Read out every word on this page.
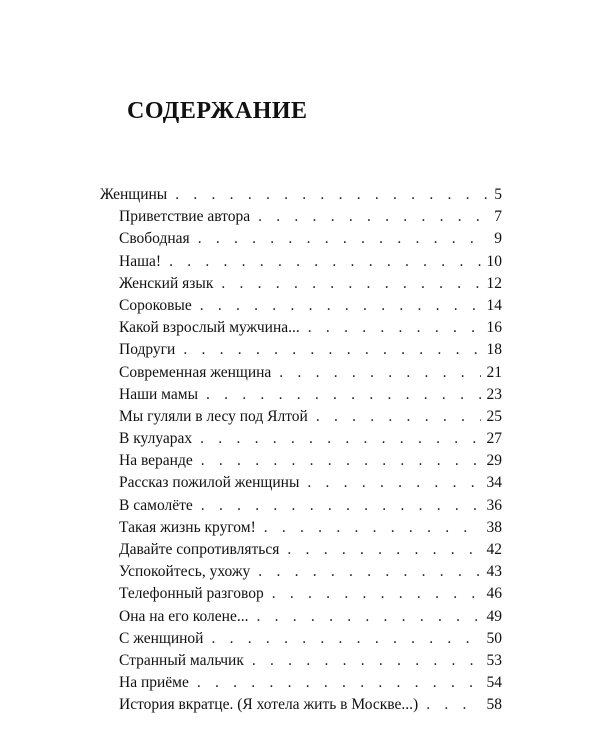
СОДЕРЖАНИЕ
Женщины . . .	5
Приветствие автора . . .	7
Свободная . . .	9
Наша! . . .	10
Женский язык . . .	12
Сороковые . . .	14
Какой взрослый мужчина... . . .	16
Подруги . . .	18
Современная женщина . . .	21
Наши мамы . . .	23
Мы гуляли в лесу под Ялтой . . .	25
В кулуарах . . .	27
На веранде . . .	29
Рассказ пожилой женщины . . .	34
В самолёте . . .	36
Такая жизнь кругом! . . .	38
Давайте сопротивляться . . .	42
Успокойтесь, ухожу . . .	43
Телефонный разговор . . .	46
Она на его колене... . . .	49
С женщиной . . .	50
Странный мальчик . . .	53
На приёме . . .	54
История вкратце. (Я хотела жить в Москве...) . . .	58
